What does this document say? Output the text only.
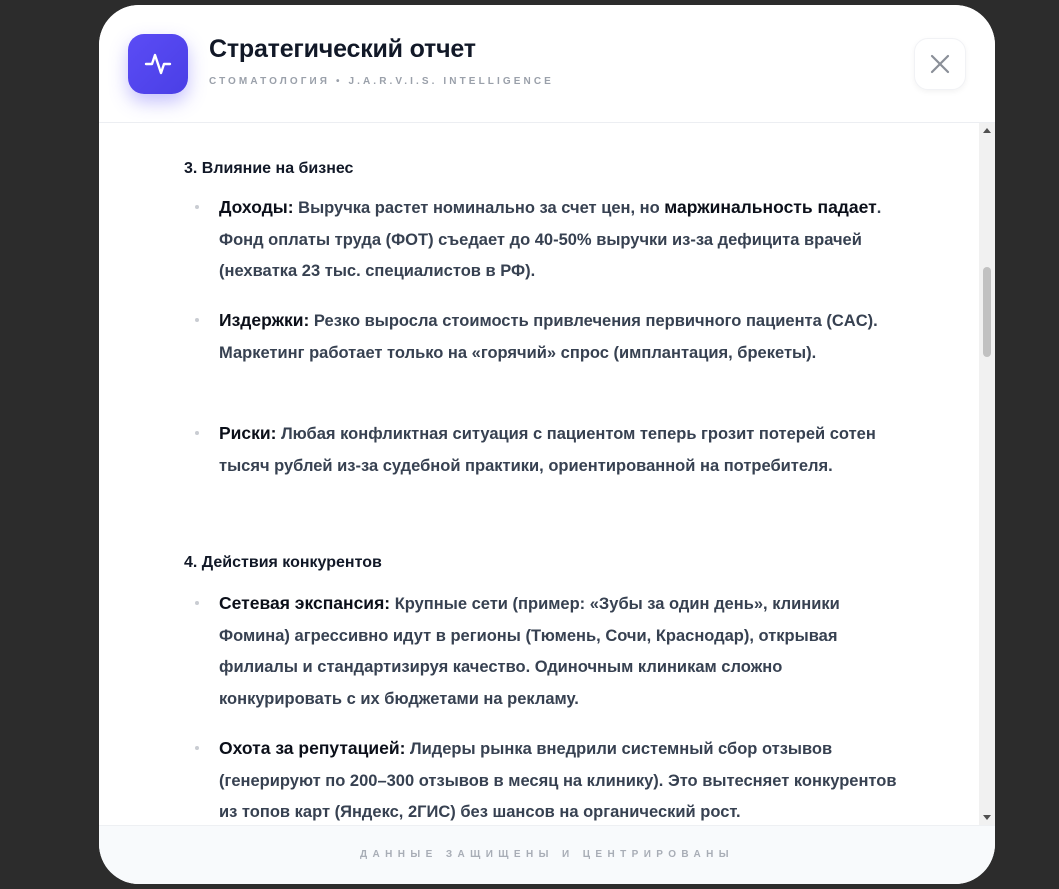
Стратегический отчет
СТОМАТОЛОГИЯ • J.A.R.V.I.S. INTELLIGENCE
3. Влияние на бизнес
Доходы: Выручка растет номинально за счет цен, но маржинальность падает. Фонд оплаты труда (ФОТ) съедает до 40-50% выручки из-за дефицита врачей (нехватка 23 тыс. специалистов в РФ).
Издержки: Резко выросла стоимость привлечения первичного пациента (CAC). Маркетинг работает только на «горячий» спрос (имплантация, брекеты).
Риски: Любая конфликтная ситуация с пациентом теперь грозит потерей сотен тысяч рублей из-за судебной практики, ориентированной на потребителя.
4. Действия конкурентов
Сетевая экспансия: Крупные сети (пример: «Зубы за один день», клиники Фомина) агрессивно идут в регионы (Тюмень, Сочи, Краснодар), открывая филиалы и стандартизируя качество. Одиночным клиникам сложно конкурировать с их бюджетами на рекламу.
Охота за репутацией: Лидеры рынка внедрили системный сбор отзывов (генерируют по 200–300 отзывов в месяц на клинику). Это вытесняет конкурентов из топов карт (Яндекс, 2ГИС) без шансов на органический рост.
ДАННЫЕ ЗАЩИЩЕНЫ И ЦЕНТРИРОВАНЫ
